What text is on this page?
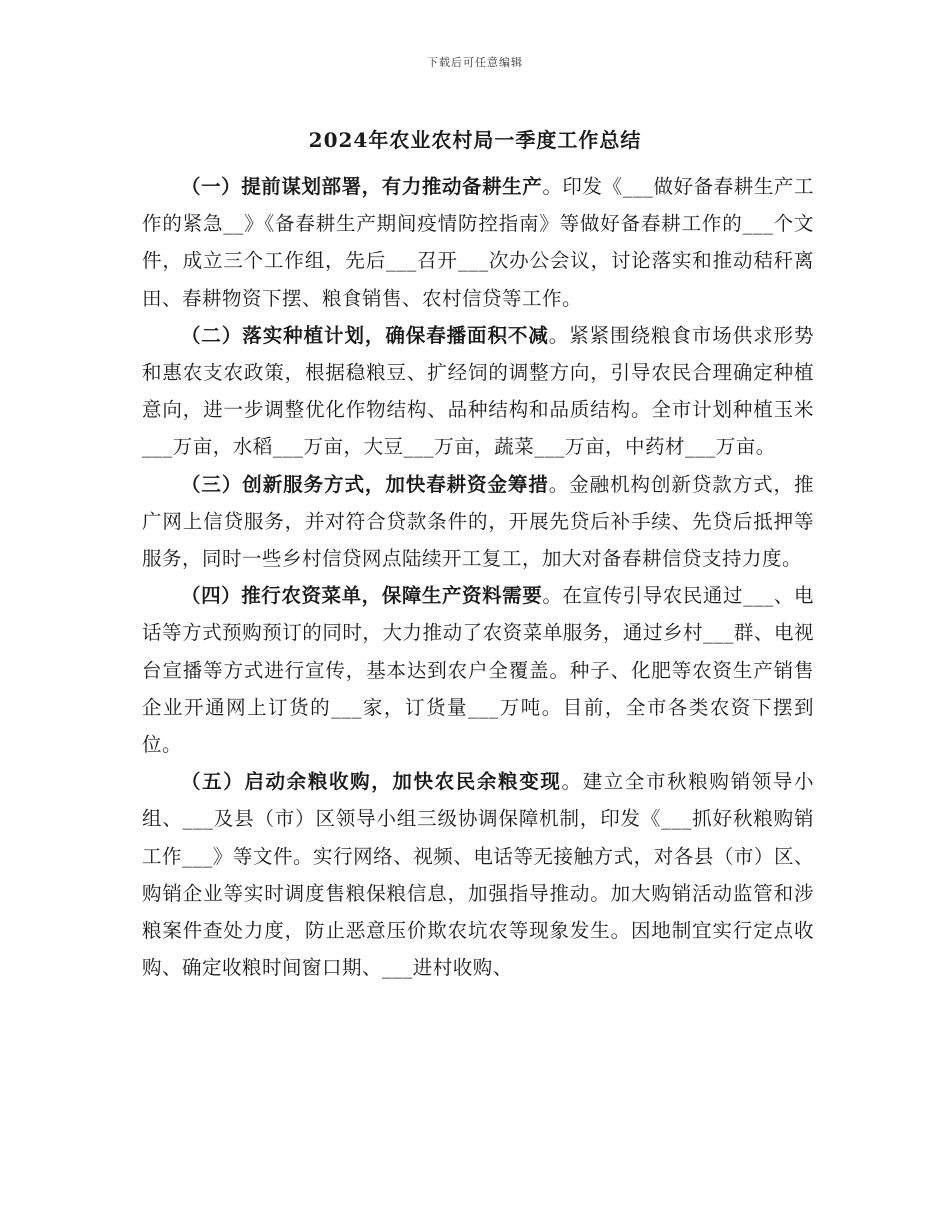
下载后可任意编辑
2024年农业农村局一季度工作总结

（一）提前谋划部署，有力推动备耕生产。印发《___做好备春耕生产工作的紧急__》《备春耕生产期间疫情防控指南》等做好备春耕工作的___个文件，成立三个工作组，先后___召开___次办公会议，讨论落实和推动秸秆离田、春耕物资下摆、粮食销售、农村信贷等工作。

（二）落实种植计划，确保春播面积不减。紧紧围绕粮食市场供求形势和惠农支农政策，根据稳粮豆、扩经饲的调整方向，引导农民合理确定种植意向，进一步调整优化作物结构、品种结构和品质结构。全市计划种植玉米___万亩，水稻___万亩，大豆___万亩，蔬菜___万亩，中药材___万亩。

（三）创新服务方式，加快春耕资金筹措。金融机构创新贷款方式，推广网上信贷服务，并对符合贷款条件的，开展先贷后补手续、先贷后抵押等服务，同时一些乡村信贷网点陆续开工复工，加大对备春耕信贷支持力度。

（四）推行农资菜单，保障生产资料需要。在宣传引导农民通过___、电话等方式预购预订的同时，大力推动了农资菜单服务，通过乡村___群、电视台宣播等方式进行宣传，基本达到农户全覆盖。种子、化肥等农资生产销售企业开通网上订货的___家，订货量___万吨。目前，全市各类农资下摆到位。

（五）启动余粮收购，加快农民余粮变现。建立全市秋粮购销领导小组、___及县（市）区领导小组三级协调保障机制，印发《___抓好秋粮购销工作___》等文件。实行网络、视频、电话等无接触方式，对各县（市）区、购销企业等实时调度售粮保粮信息，加强指导推动。加大购销活动监管和涉粮案件查处力度，防止恶意压价欺农坑农等现象发生。因地制宜实行定点收购、确定收粮时间窗口期、___进村收购、
